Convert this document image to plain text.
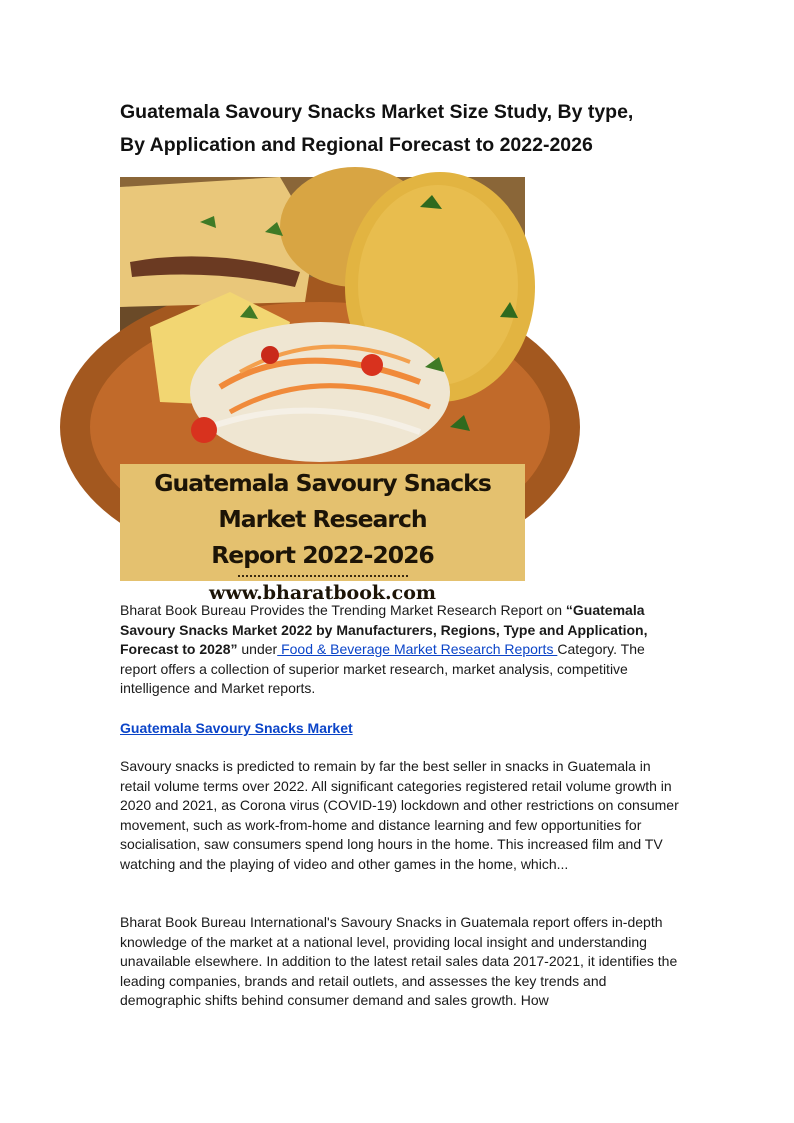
Guatemala Savoury Snacks Market Size Study, By type,
By Application and Regional Forecast to 2022-2026
Guatemala Savoury Snacks Market Research
Report 2022-2026
www.bharatbook.com

Bharat Book Bureau Provides the Trending Market Research Report on “Guatemala Savoury Snacks Market 2022 by Manufacturers, Regions, Type and Application, Forecast to 2028” under Food & Beverage Market Research Reports Category. The report offers a collection of superior market research, market analysis, competitive intelligence and Market reports.

Guatemala Savoury Snacks Market

Savoury snacks is predicted to remain by far the best seller in snacks in Guatemala in retail volume terms over 2022. All significant categories registered retail volume growth in 2020 and 2021, as Corona virus (COVID-19) lockdown and other restrictions on consumer movement, such as work-from-home and distance learning and few opportunities for socialisation, saw consumers spend long hours in the home. This increased film and TV watching and the playing of video and other games in the home, which...

Bharat Book Bureau International's Savoury Snacks in Guatemala report offers in-depth knowledge of the market at a national level, providing local insight and understanding unavailable elsewhere. In addition to the latest retail sales data 2017-2021, it identifies the leading companies, brands and retail outlets, and assesses the key trends and demographic shifts behind consumer demand and sales growth. How
